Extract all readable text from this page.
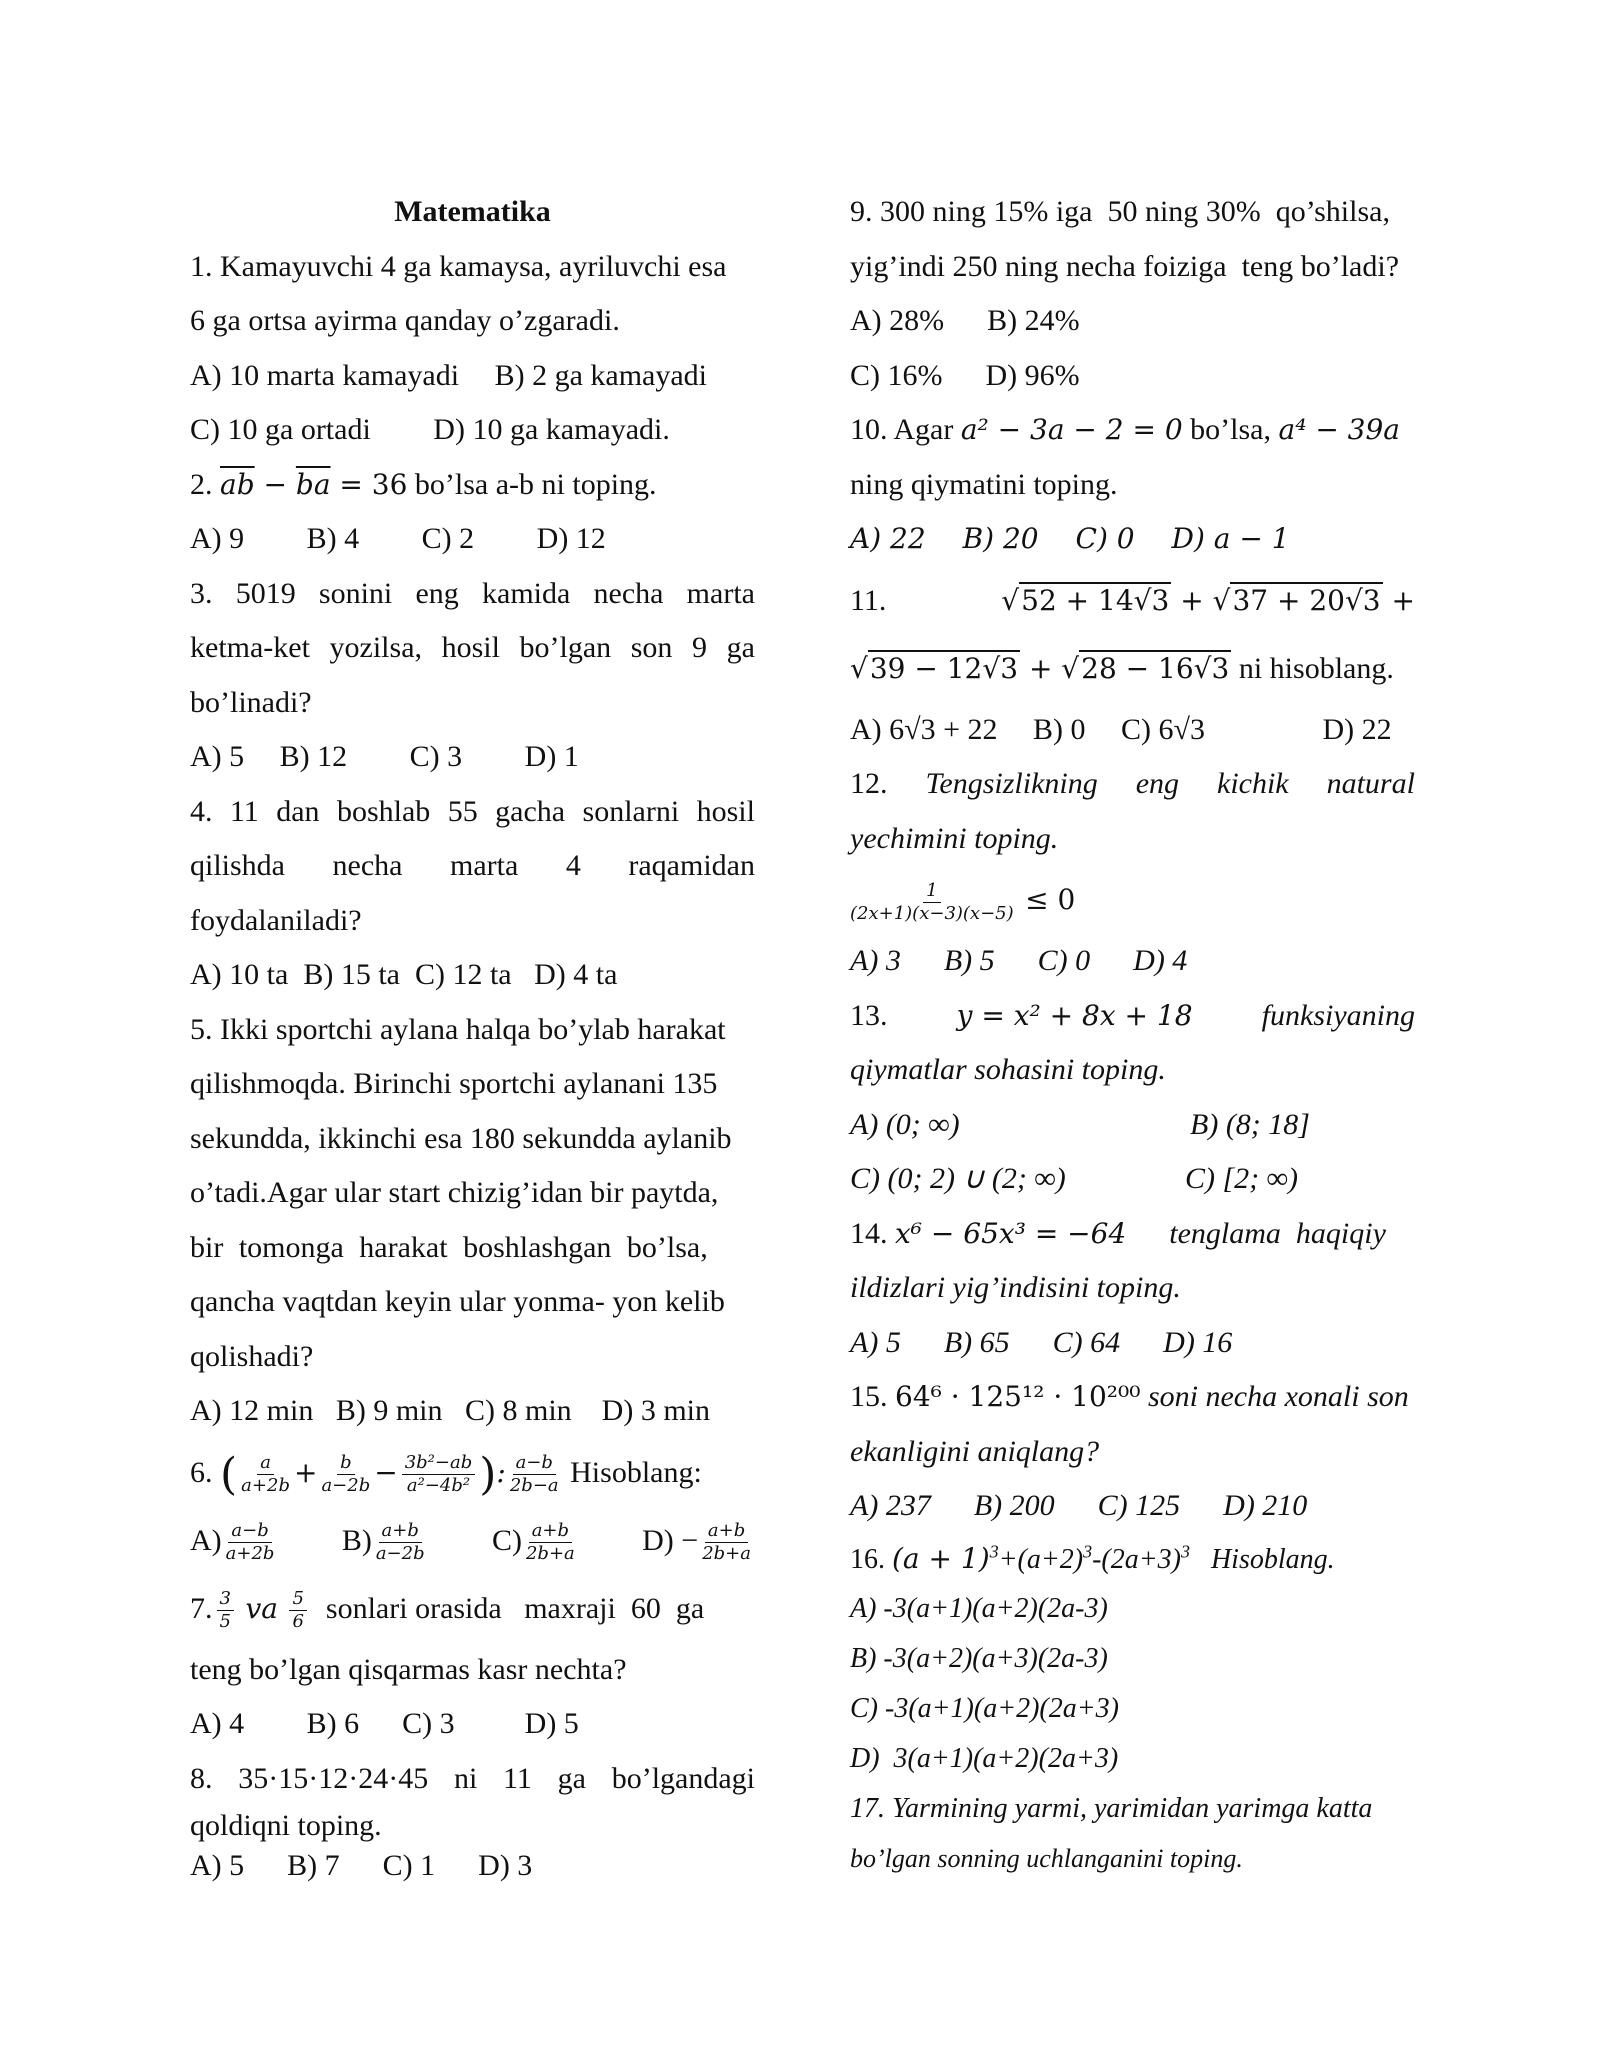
Matematika
1. Kamayuvchi 4 ga kamaysa, ayriluvchi esa
6 ga ortsa ayirma qanday o’zgaradi.
A) 10 marta kamayadi B) 2 ga kamayadi
C) 10 ga ortadi D) 10 ga kamayadi.
2. $\overline{ab} - \overline{ba} = 36$ bo’lsa a-b ni toping.
A) 9 B) 4 C) 2 D) 12
3. 5019 sonini eng kamida necha marta
ketma-ket yozilsa, hosil bo’lgan son 9 ga
bo’linadi?
A) 5 B) 12 C) 3 D) 1
4. 11 dan boshlab 55 gacha sonlarni hosil
qilishda necha marta 4 raqamidan
foydalaniladi?
A) 10 ta B) 15 ta C) 12 ta D) 4 ta
5. Ikki sportchi aylana halqa bo’ylab harakat
qilishmoqda. Birinchi sportchi aylanani 135
sekundda, ikkinchi esa 180 sekundda aylanib
o’tadi.Agar ular start chizig’idan bir paytda,
bir tomonga harakat boshlashgan bo’lsa,
qancha vaqtdan keyin ular yonma- yon kelib
qolishadi?
A) 12 min B) 9 min C) 8 min D) 3 min
6. ( $\frac{a}{a+2b} + \frac{b}{a-2b} - \frac{\text{3b²−ab}}{\text{a²−4b²}}$ ): $\frac{a-b}{2b-a}$ Hisoblang:
$A) \frac{a-b}{a+2b} B) \frac{a+b}{a-2b} C) \frac{a+b}{2b+a} D) - \frac{a+b}{2b+a}$
7. $\frac{3}{5}$ va $\frac{5}{6}$ sonlari orasida   maxraji  60  ga
teng bo’lgan qisqarmas kasr nechta?
A) 4 B) 6 C) 3 D) 5
8. 35·15·12·24·45 ni 11 ga bo’lgandagi
qoldiqni toping.
A) 5 B) 7 C) 1 D) 3
9. 300 ning 15% iga  50 ning 30%  qo’shilsa,
yig’indi 250 ning necha foiziga  teng bo’ladi?
A) 28% B) 24%
C) 16% D) 96%
10. Agar a² − 3a − 2 = 0 bo’lsa, a⁴ − 39a
ning qiymatini toping.
A) 22 B) 20 C) 0 D) a − 1
11.	√52 + 14√3 + √37 + 20√3 +
√39 − 12√3 + √28 − 16√3 ni hisoblang.
A) 6√3 + 22 B) 0 C) 6√3	D) 22
12. Tengsizlikning eng kichik natural
yechimini toping.
$\frac{1}{(2x+1)(x-3)(x-5)} \le 0$
A) 3 B) 5 C) 0 D) 4
13. y = x² + 8x + 18 funksiyaning
qiymatlar sohasini toping.
A) (0; ∞)	B) (8; 18]
C) (0; 2) ∪ (2; ∞)	C) [2; ∞)
14. x⁶ − 65x³ = −64 tenglama  haqiqiy
ildizlari yig’indisini toping.
A) 5 B) 65 C) 64 D) 16
15. 64⁶ · 125¹² · 10²⁰⁰ soni necha xonali son
ekanligini aniqlang?
A) 237 B) 200 C) 125 D) 210
16. $(a + 1)^3+(a+2)^3-(2a+3)^3$ Hisoblang.
A) -3(a+1)(a+2)(2a-3)
B) -3(a+2)(a+3)(2a-3)
C) -3(a+1)(a+2)(2a+3)
D)  3(a+1)(a+2)(2a+3)
17. Yarmining yarmi, yarimidan yarimga katta
bo’lgan sonning uchlanganini toping.
